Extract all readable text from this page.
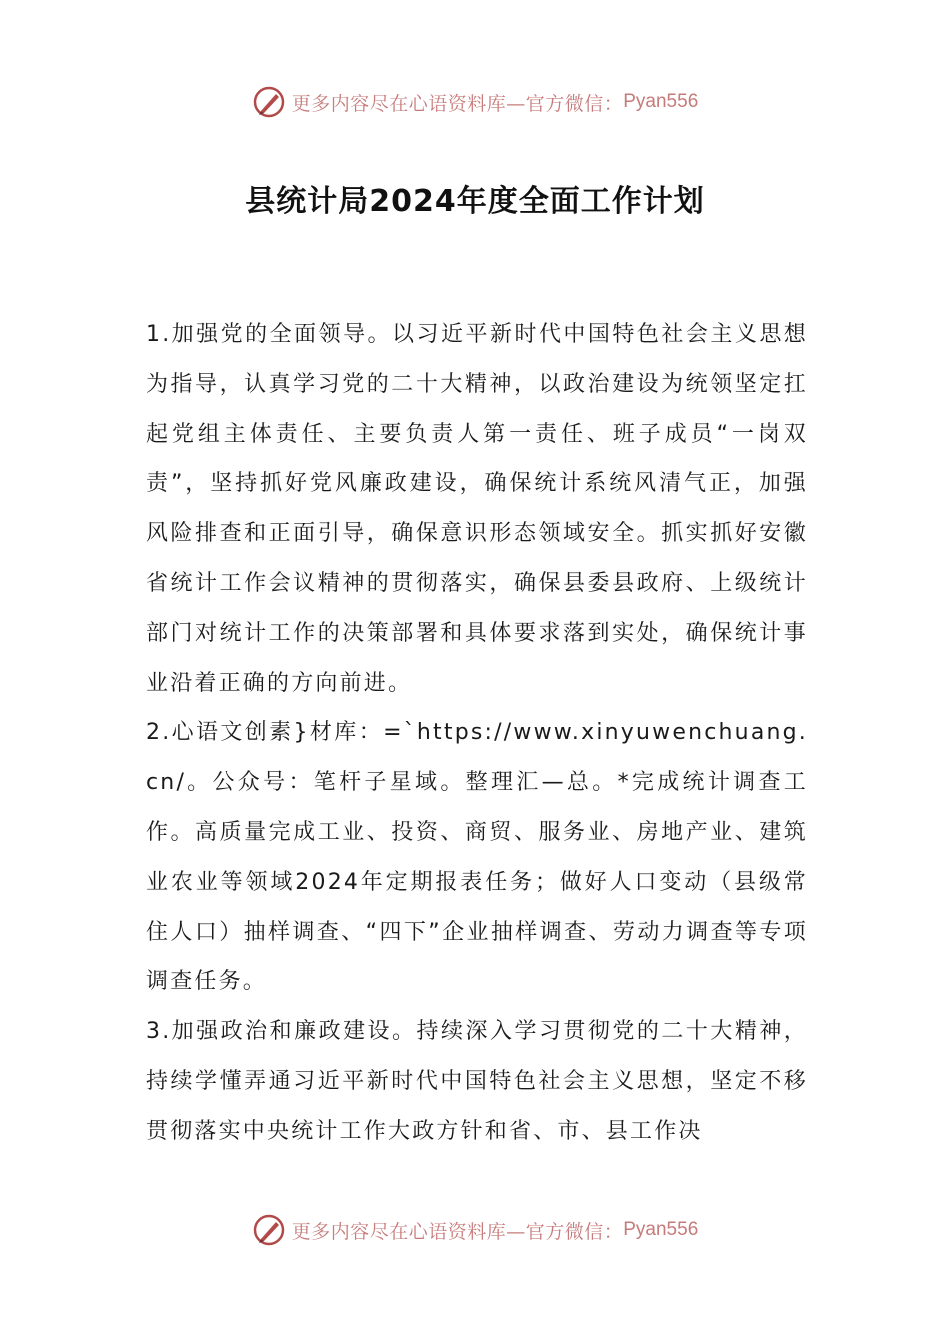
更多内容尽在心语资料库—官方微信： Pyan556
县统计局2024年度全面工作计划

1.加强党的全面领导。以习近平新时代中国特色社会主义思想为指导，认真学习党的二十大精神，以政治建设为统领坚定扛起党组主体责任、主要负责人第一责任、班子成员“一岗双责”，坚持抓好党风廉政建设，确保统计系统风清气正，加强风险排查和正面引导，确保意识形态领域安全。抓实抓好安徽省统计工作会议精神的贯彻落实，确保县委县政府、上级统计部门对统计工作的决策部署和具体要求落到实处，确保统计事业沿着正确的方向前进。

2.心语文创素}材库：=`https://www.xinyuwenchuang.cn/。公众号：笔杆子星域。整理汇—总。*完成统计调查工作。高质量完成工业、投资、商贸、服务业、房地产业、建筑业农业等领域2024年定期报表任务；做好人口变动（县级常住人口）抽样调查、“四下”企业抽样调查、劳动力调查等专项调查任务。

3.加强政治和廉政建设。持续深入学习贯彻党的二十大精神，持续学懂弄通习近平新时代中国特色社会主义思想，坚定不移贯彻落实中央统计工作大政方针和省、市、县工作决

更多内容尽在心语资料库—官方微信： Pyan556
